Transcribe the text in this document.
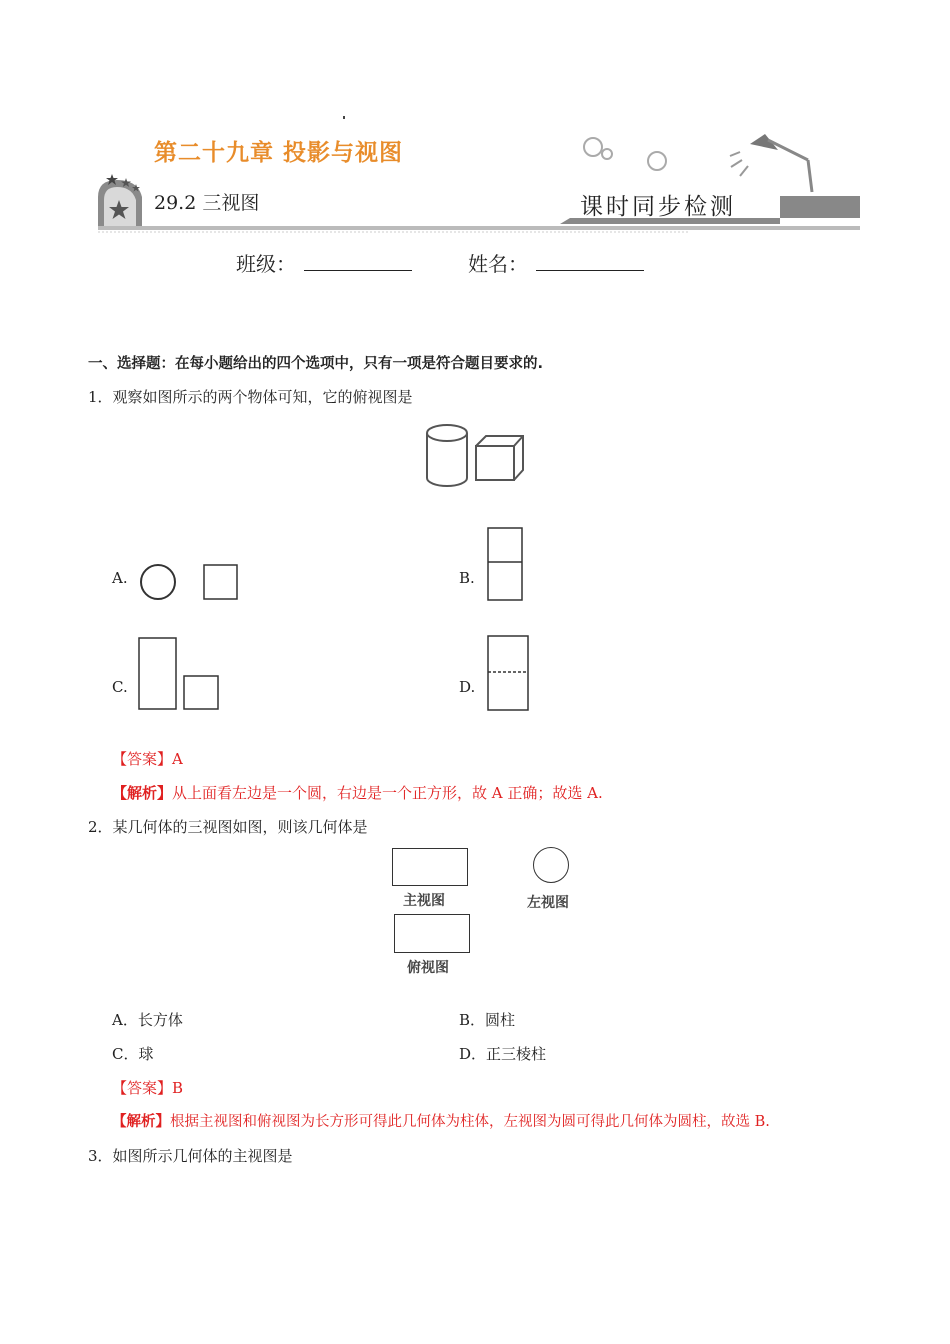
第二十九章 投影与视图
29.2 三视图	课时同步检测
班级：	姓名：
一、选择题：在每小题给出的四个选项中，只有一项是符合题目要求的.
1．观察如图所示的两个物体可知，它的俯视图是
A.	B.
C.	D.
【答案】A
【解析】从上面看左边是一个圆，右边是一个正方形，故 A 正确；故选 A.
2．某几何体的三视图如图，则该几何体是
主视图	左视图
俯视图
A．长方体	B．圆柱
C．球	D．正三棱柱
【答案】B
【解析】根据主视图和俯视图为长方形可得此几何体为柱体，左视图为圆可得此几何体为圆柱，故选 B.
3．如图所示几何体的主视图是
